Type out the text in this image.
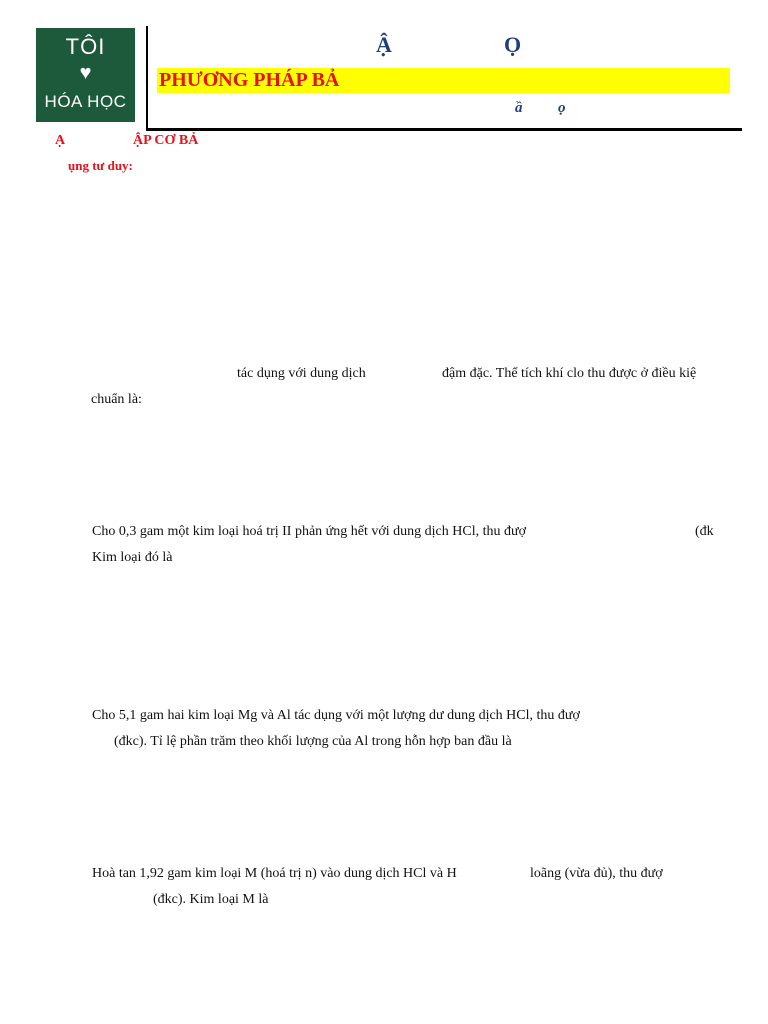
TÔI
♥
HÓA HỌC
Ậ	Ọ
PHƯƠNG PHÁP BẢ
ầ ọ
Ạ	ẬP CƠ BẢ
ụng tư duy:
tác dụng với dung dịch	đậm đặc. Thể tích khí clo thu được ở điều kiệ
chuẩn là:
Cho 0,3 gam một kim loại hoá trị II phản ứng hết với dung dịch HCl, thu đượ	(đk
Kim loại đó là
Cho 5,1 gam hai kim loại Mg và Al tác dụng với một lượng dư dung dịch HCl, thu đượ
(đkc). Tỉ lệ phần trăm theo khối lượng của Al trong hỗn hợp ban đầu là
Hoà tan 1,92 gam kim loại M (hoá trị n) vào dung dịch HCl và H	loãng (vừa đủ), thu đượ
(đkc). Kim loại M là
